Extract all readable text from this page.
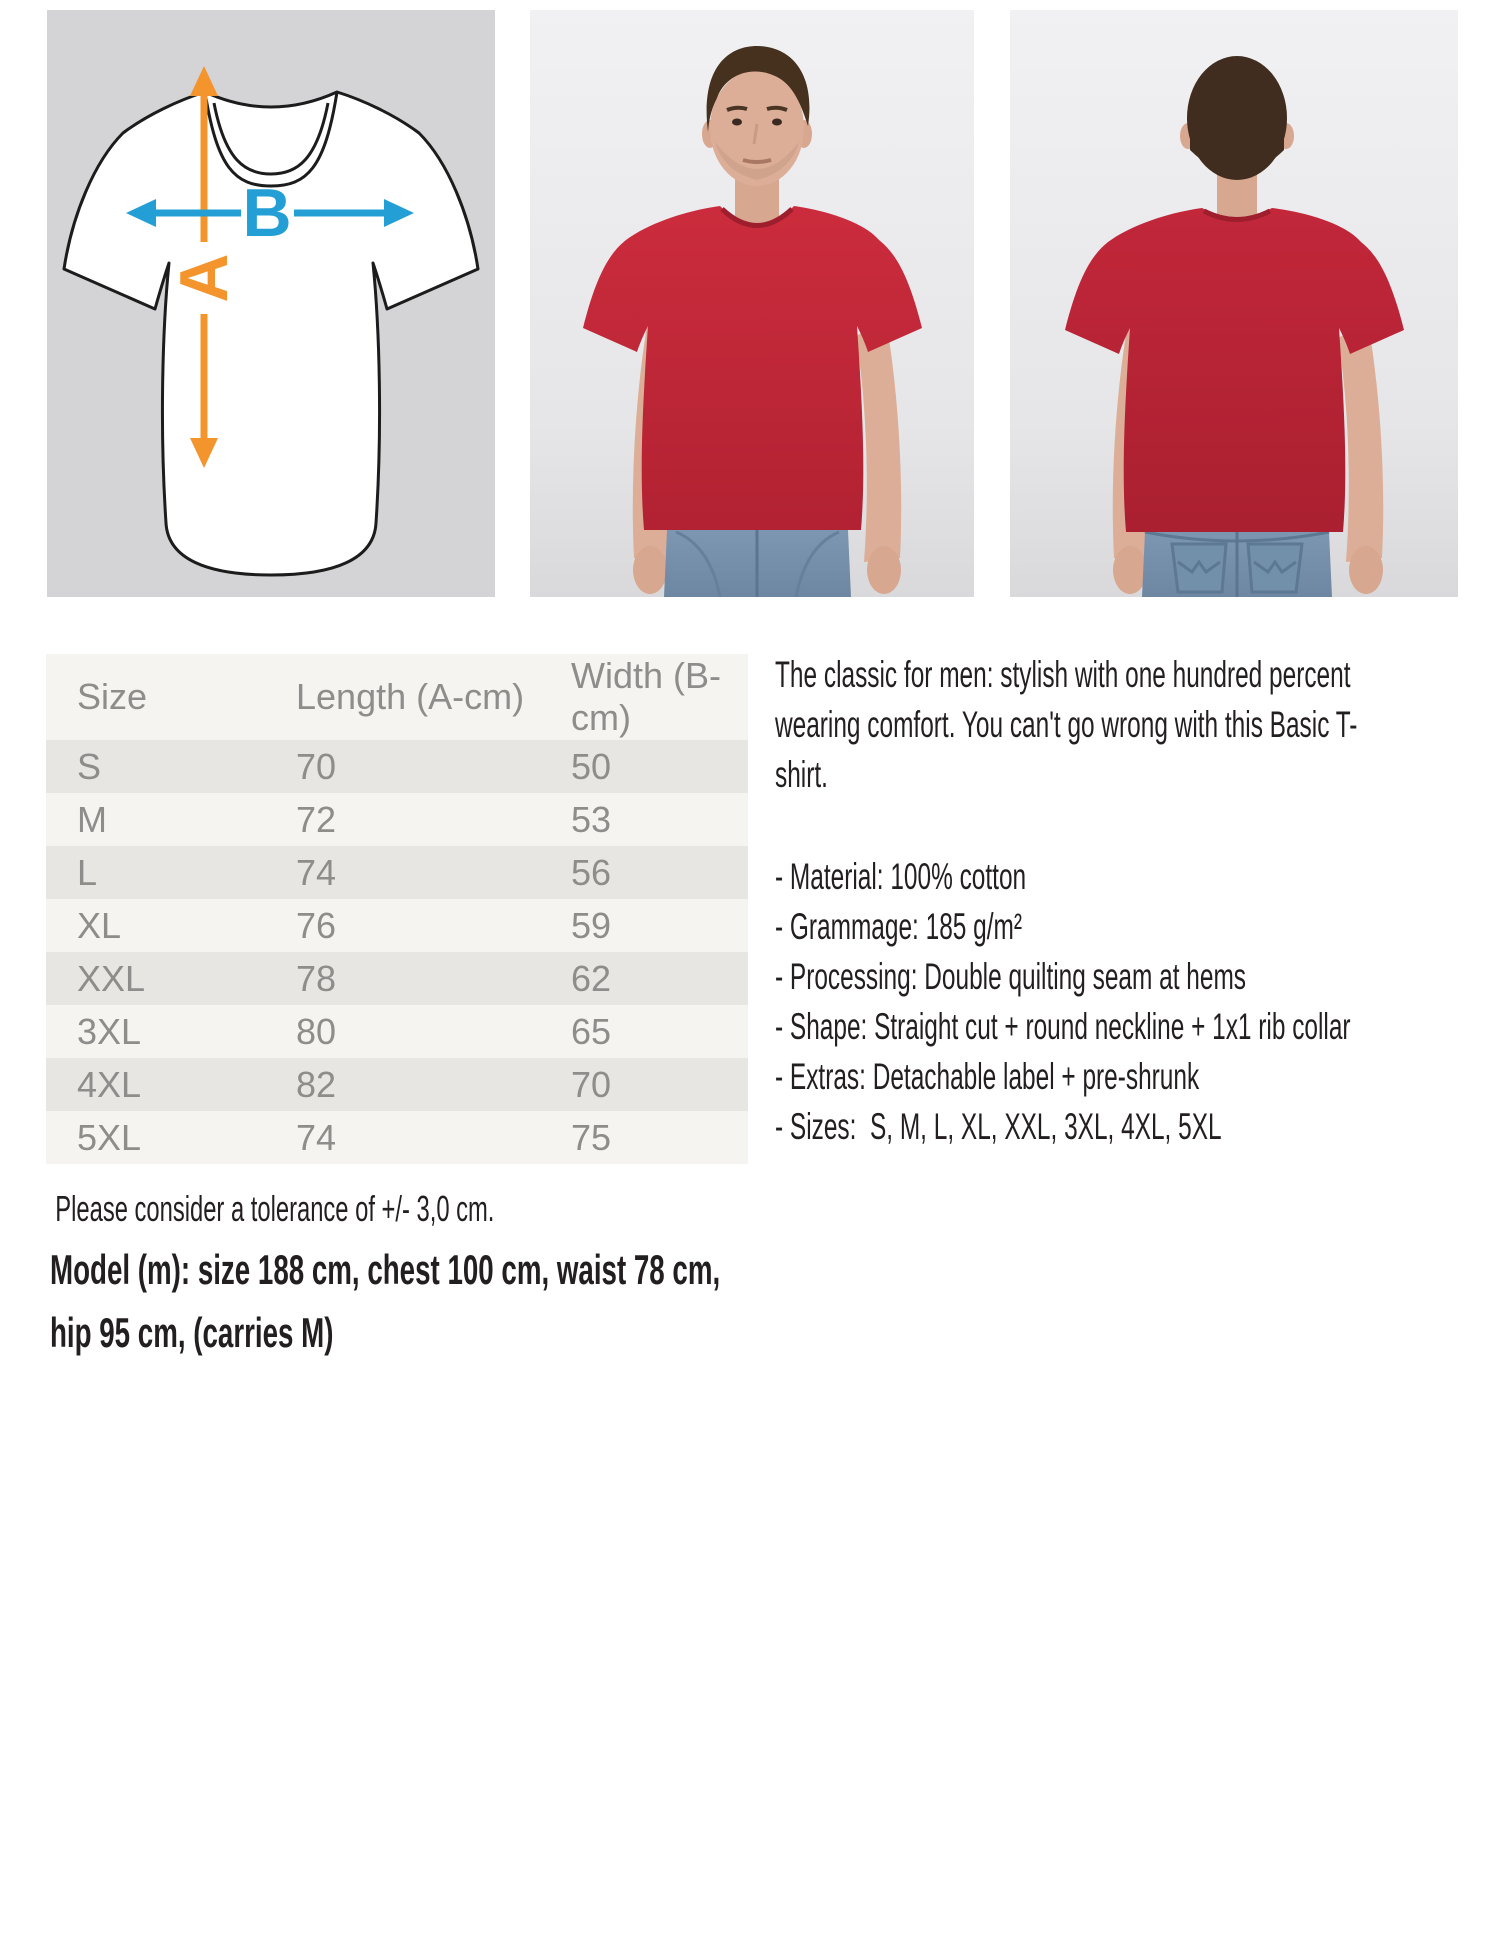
A
B
Size	Length (A-cm)	Width (B-cm)
S	70	50
M	72	53
L	74	56
XL	76	59
XXL	78	62
3XL	80	65
4XL	82	70
5XL	74	75

The classic for men: stylish with one hundred percent wearing comfort. You can't go wrong with this Basic T-shirt.

- Material: 100% cotton
- Grammage: 185 g/m²
- Processing: Double quilting seam at hems
- Shape: Straight cut + round neckline + 1x1 rib collar
- Extras: Detachable label + pre-shrunk
- Sizes:  S, M, L, XL, XXL, 3XL, 4XL, 5XL

Please consider a tolerance of +/- 3,0 cm.

Model (m): size 188 cm, chest 100 cm, waist 78 cm, hip 95 cm, (carries M)
